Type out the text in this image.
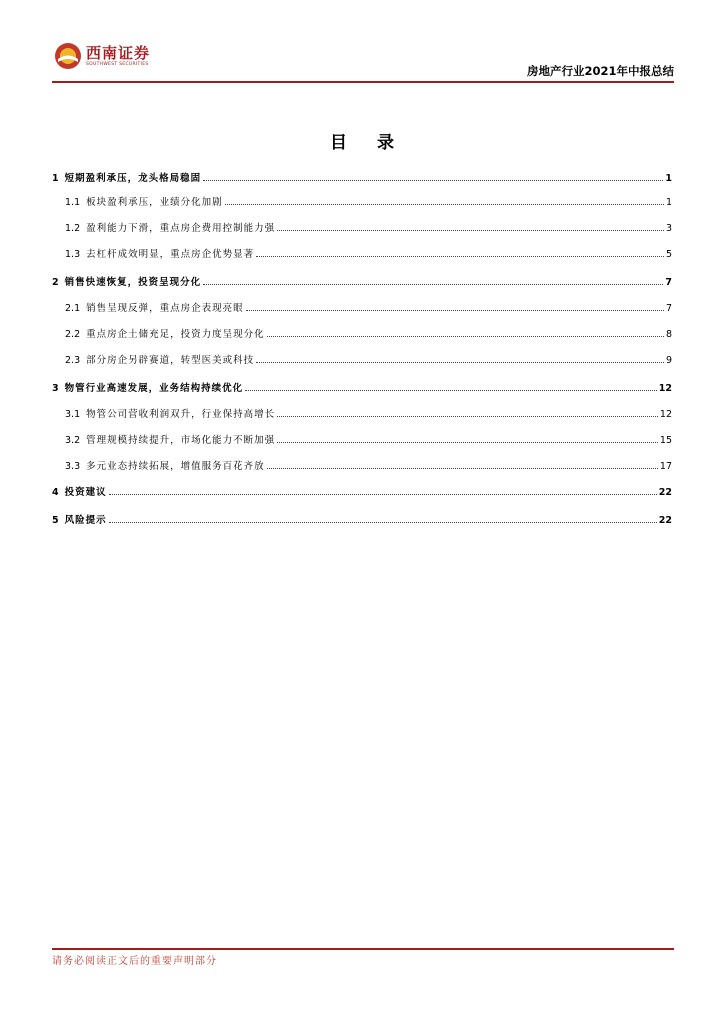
西南证券
SOUTHWEST SECURITIES	房地产行业2021年中报总结
目 录
1 短期盈利承压，龙头格局稳固	1
1.1 板块盈利承压，业绩分化加剧	1
1.2 盈利能力下滑，重点房企费用控制能力强	3
1.3 去杠杆成效明显，重点房企优势显著	5
2 销售快速恢复，投资呈现分化	7
2.1 销售呈现反弹，重点房企表现亮眼	7
2.2 重点房企土储充足，投资力度呈现分化	8
2.3 部分房企另辟赛道，转型医美或科技	9
3 物管行业高速发展，业务结构持续优化	12
3.1 物管公司营收利润双升，行业保持高增长	12
3.2 管理规模持续提升，市场化能力不断加强	15
3.3 多元业态持续拓展，增值服务百花齐放	17
4 投资建议	22
5 风险提示	22
请务必阅读正文后的重要声明部分
